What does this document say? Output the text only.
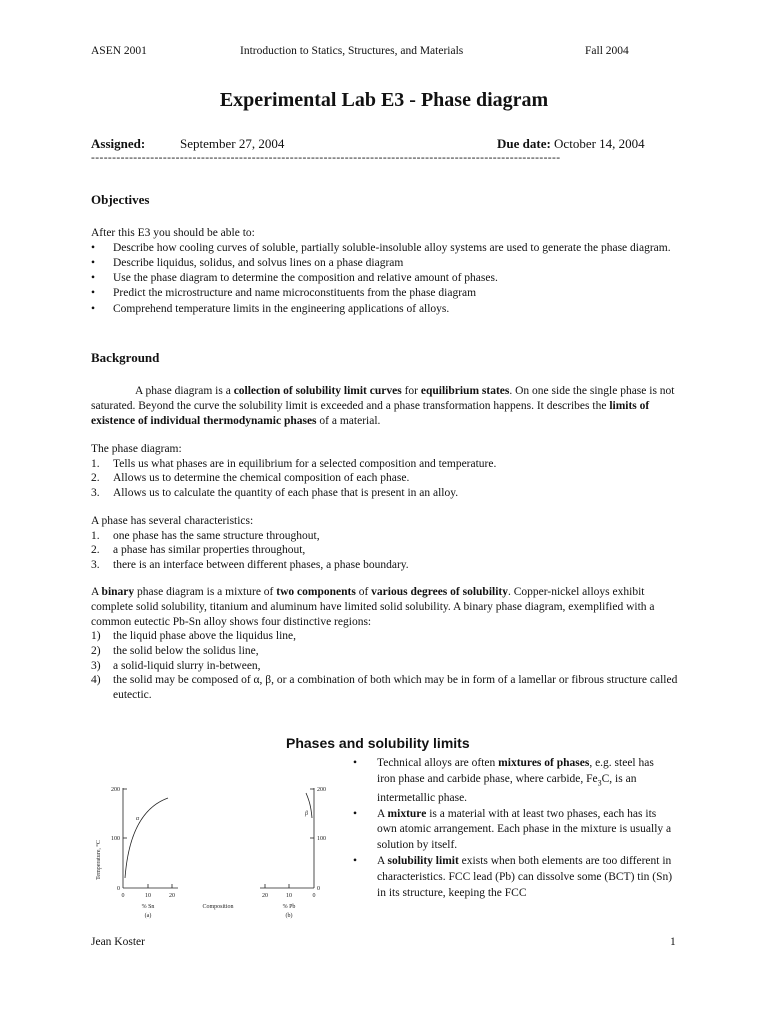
ASEN 2001	Introduction to Statics, Structures, and Materials	Fall 2004
Experimental Lab E3 - Phase diagram
Assigned:	September 27, 2004	Due date: October 14, 2004
---------------------------------------------------------------------------------------------------------------
Objectives
After this E3 you should be able to:
• Describe how cooling curves of soluble, partially soluble-insoluble alloy systems are used to generate the phase diagram.
• Describe liquidus, solidus, and solvus lines on a phase diagram
• Use the phase diagram to determine the composition and relative amount of phases.
• Predict the microstructure and name microconstituents from the phase diagram
• Comprehend temperature limits in the engineering applications of alloys.
Background

A phase diagram is a collection of solubility limit curves for equilibrium states. On one side the single phase is not saturated. Beyond the curve the solubility limit is exceeded and a phase transformation happens. It describes the limits of existence of individual thermodynamic phases of a material.

The phase diagram:
1. Tells us what phases are in equilibrium for a selected composition and temperature.
2. Allows us to determine the chemical composition of each phase.
3. Allows us to calculate the quantity of each phase that is present in an alloy.
A phase has several characteristics:
1. one phase has the same structure throughout,
2. a phase has similar properties throughout,
3. there is an interface between different phases, a phase boundary.
A binary phase diagram is a mixture of two components of various degrees of solubility. Copper-nickel alloys exhibit complete solid solubility, titanium and aluminum have limited solid solubility. A binary phase diagram, exemplified with a common eutectic Pb-Sn alloy shows four distinctive regions:
1) the liquid phase above the liquidus line,
2) the solid below the solidus line,
3) a solid-liquid slurry in-between,
4) the solid may be composed of α, β, or a combination of both which may be in form of a lamellar or fibrous structure called eutectic.
Phases and solubility limits
• Technical alloys are often mixtures of phases, e.g. steel has iron phase and carbide phase, where carbide, $Fe_3C$, is an intermetallic phase.
• A mixture is a material with at least two phases, each has its own atomic arrangement. Each phase in the mixture is usually a solution by itself.
• A solubility limit exists when both elements are too different in characteristics. FCC lead (Pb) can dissolve some (BCT) tin (Sn) in its structure, keeping the FCC
Temperature, °C
200
100
0
0	10	20
α
% Sn
(a)
Composition
200
100
0
20	10	0
β
% Pb
(b)
Jean Koster	1
